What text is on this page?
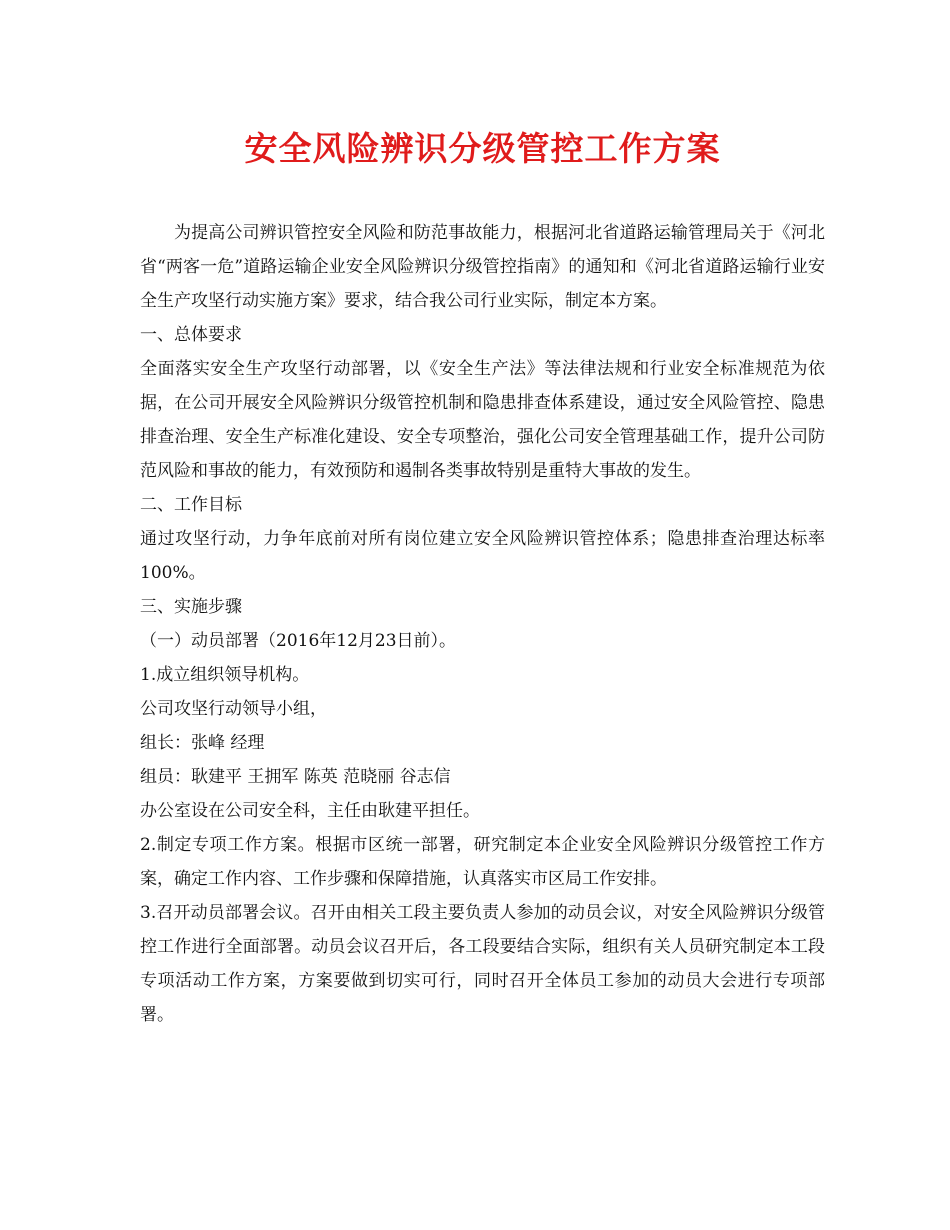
安全风险辨识分级管控工作方案

为提高公司辨识管控安全风险和防范事故能力，根据河北省道路运输管理局关于《河北省“两客一危”道路运输企业安全风险辨识分级管控指南》的通知和《河北省道路运输行业安全生产攻坚行动实施方案》要求，结合我公司行业实际，制定本方案。

一、总体要求

全面落实安全生产攻坚行动部署，以《安全生产法》等法律法规和行业安全标准规范为依据，在公司开展安全风险辨识分级管控机制和隐患排查体系建设，通过安全风险管控、隐患排查治理、安全生产标准化建设、安全专项整治，强化公司安全管理基础工作，提升公司防范风险和事故的能力，有效预防和遏制各类事故特别是重特大事故的发生。

二、工作目标

通过攻坚行动，力争年底前对所有岗位建立安全风险辨识管控体系；隐患排查治理达标率100%。

三、实施步骤

（一）动员部署（2016年12月23日前）。

1.成立组织领导机构。

公司攻坚行动领导小组，

组长：张峰 经理

组员：耿建平 王拥军 陈英 范晓丽 谷志信

办公室设在公司安全科，主任由耿建平担任。

2.制定专项工作方案。根据市区统一部署，研究制定本企业安全风险辨识分级管控工作方案，确定工作内容、工作步骤和保障措施，认真落实市区局工作安排。

3.召开动员部署会议。召开由相关工段主要负责人参加的动员会议，对安全风险辨识分级管控工作进行全面部署。动员会议召开后，各工段要结合实际，组织有关人员研究制定本工段专项活动工作方案，方案要做到切实可行，同时召开全体员工参加的动员大会进行专项部署。
